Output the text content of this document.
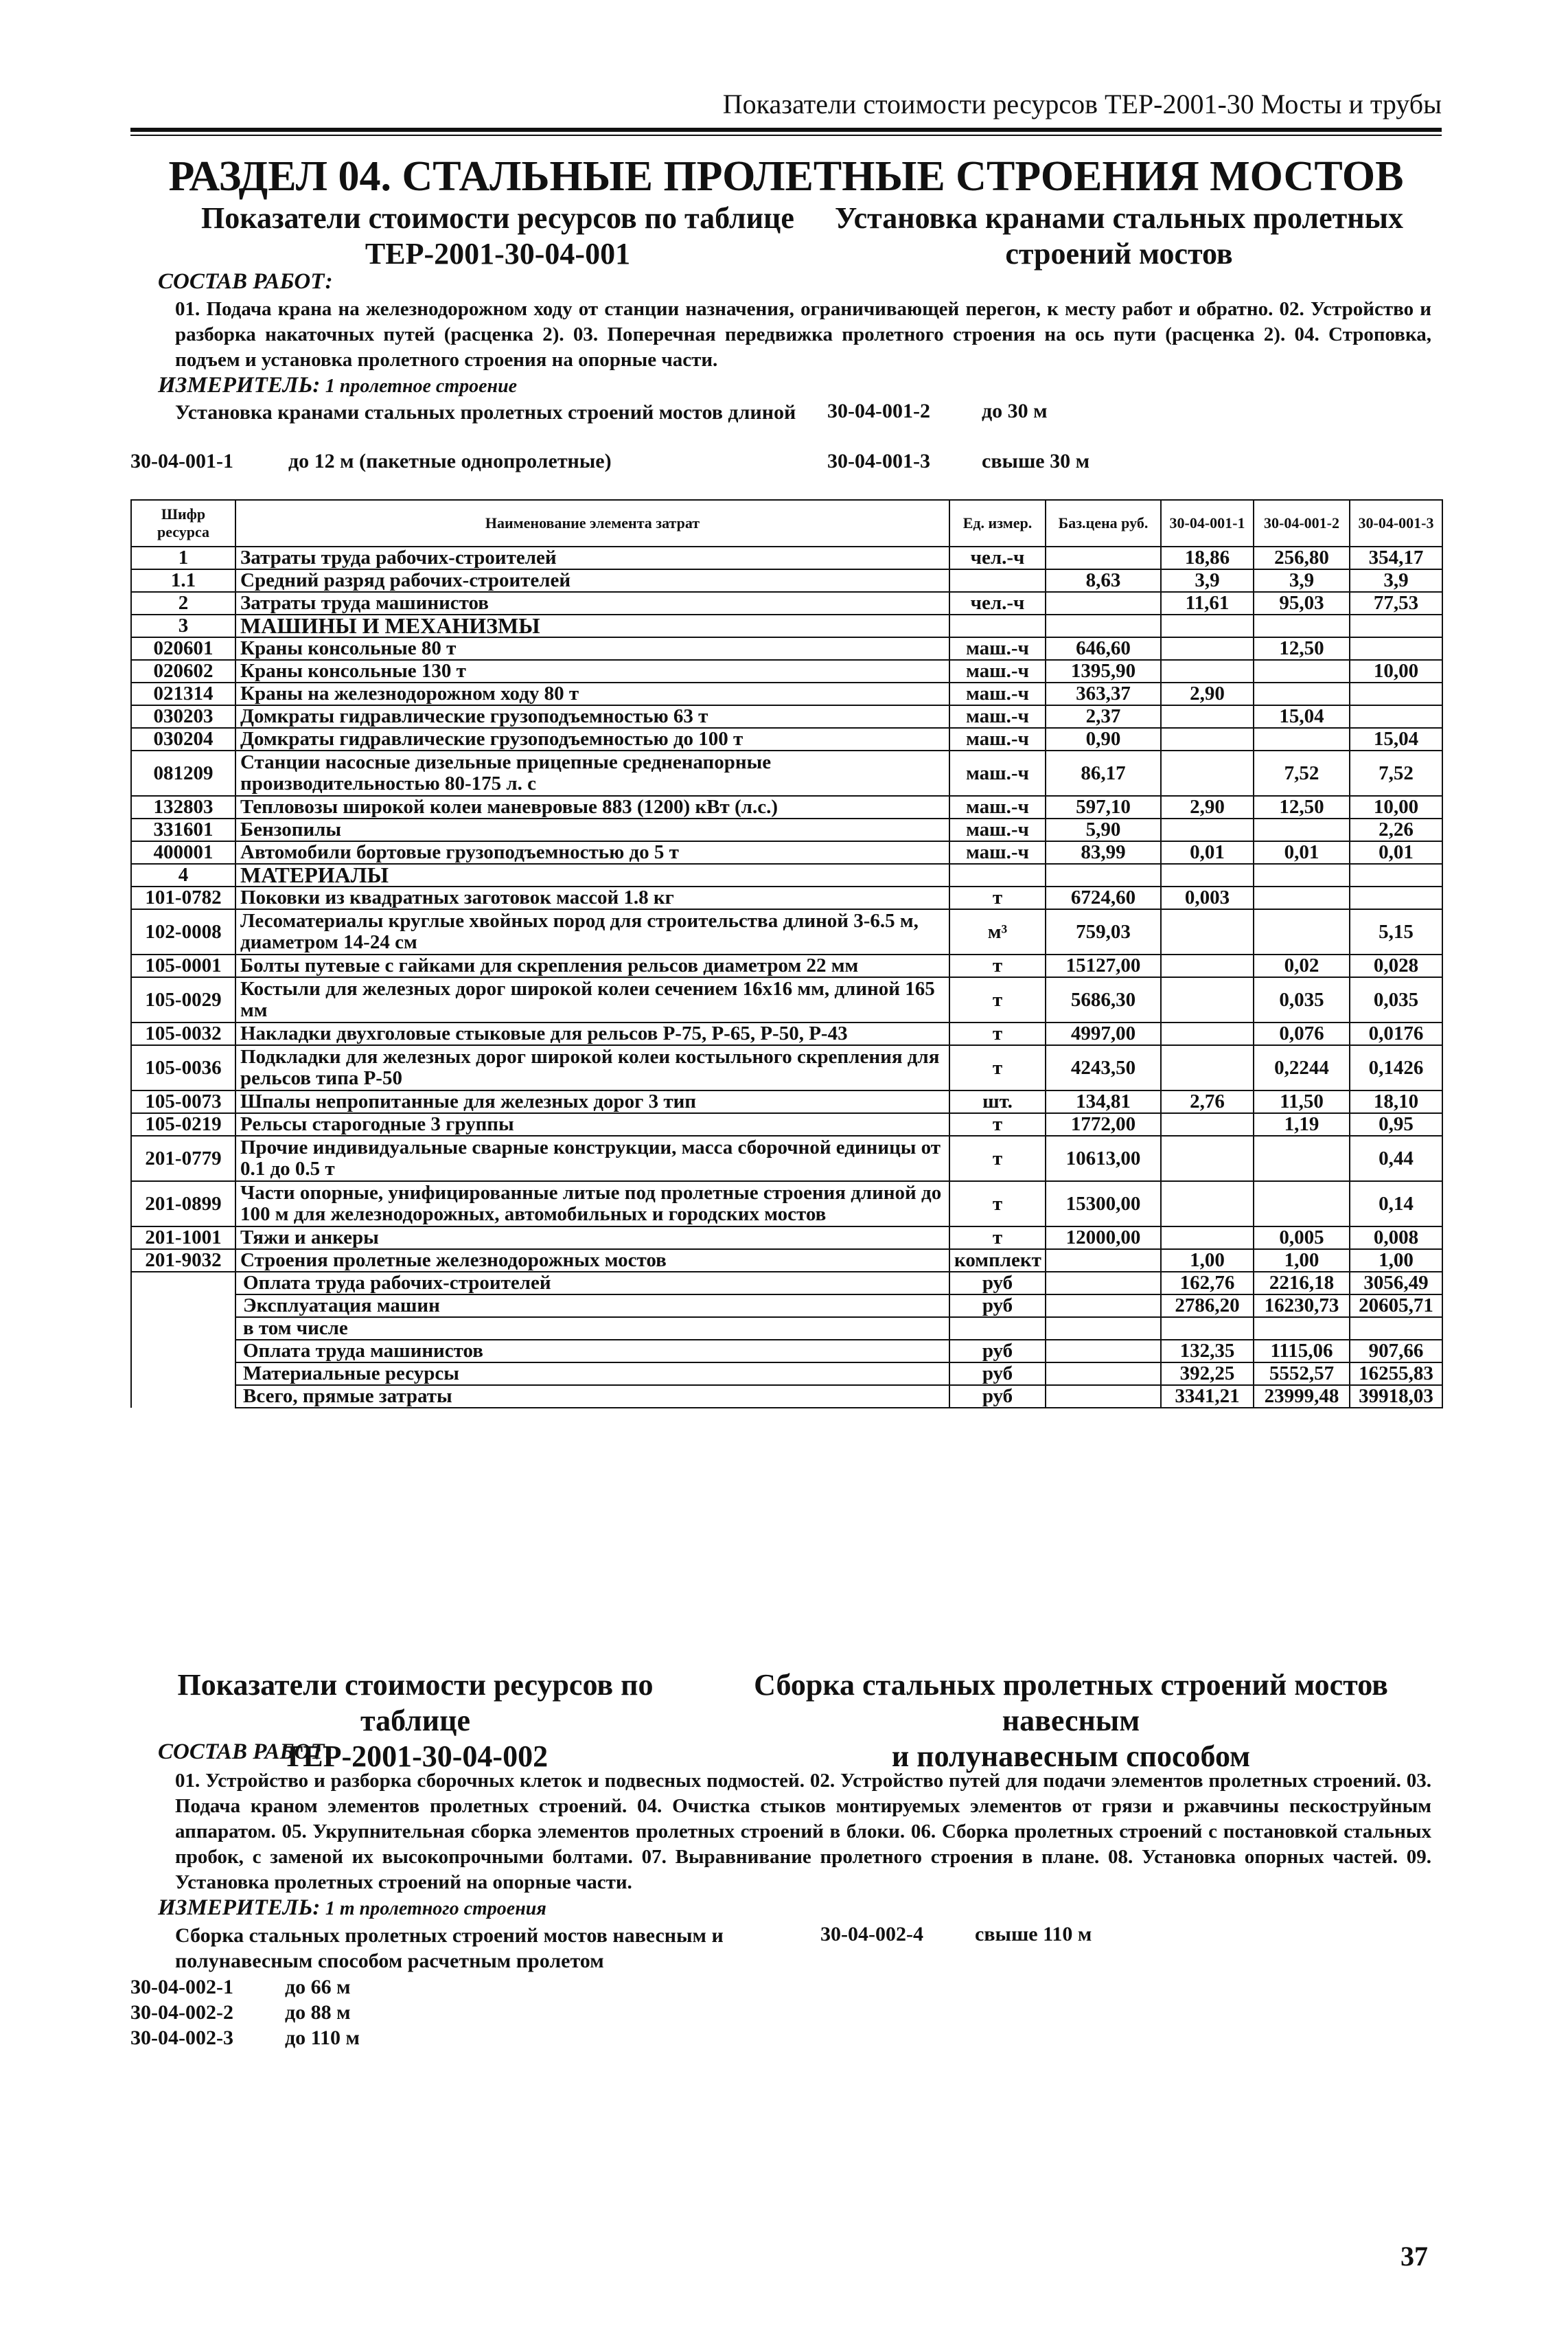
Показатели стоимости ресурсов ТЕР-2001-30 Мосты и трубы
РАЗДЕЛ 04. СТАЛЬНЫЕ ПРОЛЕТНЫЕ СТРОЕНИЯ МОСТОВ
Показатели стоимости ресурсов по таблице
ТЕР-2001-30-04-001
Установка кранами стальных пролетных
строений мостов
СОСТАВ РАБОТ:
01. Подача крана на железнодорожном ходу от станции назначения, ограничивающей перегон, к месту работ и обратно. 02. Устройство и разборка накаточных путей (расценка 2). 03. Поперечная передвижка пролетного строения на ось пути (расценка 2). 04. Строповка, подъем и установка пролетного строения на опорные части.
ИЗМЕРИТЕЛЬ: 1 пролетное строение
Установка кранами стальных пролетных строений мостов длиной	30-04-001-2	до 30 м
30-04-001-1	до 12 м (пакетные однопролетные)	30-04-001-3	свыше 30 м
Шифр ресурса	Наименование элемента затрат	Ед. измер.	Баз.цена руб.	30-04-001-1	30-04-001-2	30-04-001-3
1	Затраты труда рабочих-строителей	чел.-ч		18,86	256,80	354,17
1.1	Средний разряд рабочих-строителей		8,63	3,9	3,9	3,9
2	Затраты труда машинистов	чел.-ч		11,61	95,03	77,53
3	МАШИНЫ И МЕХАНИЗМЫ					
020601	Краны консольные 80 т	маш.-ч	646,60		12,50	
020602	Краны консольные 130 т	маш.-ч	1395,90			10,00
021314	Краны на железнодорожном ходу 80 т	маш.-ч	363,37	2,90		
030203	Домкраты гидравлические грузоподъемностью 63 т	маш.-ч	2,37		15,04	
030204	Домкраты гидравлические грузоподъемностью до 100 т	маш.-ч	0,90			15,04
081209	Станции насосные дизельные прицепные средненапорные производительностью 80-175 л. с	маш.-ч	86,17		7,52	7,52
132803	Тепловозы широкой колеи маневровые 883 (1200) кВт (л.с.)	маш.-ч	597,10	2,90	12,50	10,00
331601	Бензопилы	маш.-ч	5,90			2,26
400001	Автомобили бортовые грузоподъемностью до 5 т	маш.-ч	83,99	0,01	0,01	0,01
4	МАТЕРИАЛЫ					
101-0782	Поковки из квадратных заготовок массой 1.8 кг	т	6724,60	0,003		
102-0008	Лесоматериалы круглые хвойных пород для строительства длиной 3-6.5 м, диаметром 14-24 см	м³	759,03			5,15
105-0001	Болты путевые с гайками для скрепления рельсов диаметром 22 мм	т	15127,00		0,02	0,028
105-0029	Костыли для железных дорог широкой колеи сечением 16х16 мм, длиной 165 мм	т	5686,30		0,035	0,035
105-0032	Накладки двухголовые стыковые для рельсов Р-75, Р-65, Р-50, Р-43	т	4997,00		0,076	0,0176
105-0036	Подкладки для железных дорог широкой колеи костыльного скрепления для рельсов типа Р-50	т	4243,50		0,2244	0,1426
105-0073	Шпалы непропитанные для железных дорог 3 тип	шт.	134,81	2,76	11,50	18,10
105-0219	Рельсы старогодные 3 группы	т	1772,00		1,19	0,95
201-0779	Прочие индивидуальные сварные конструкции, масса сборочной единицы от 0.1 до 0.5 т	т	10613,00			0,44
201-0899	Части опорные, унифицированные литые под пролетные строения длиной до 100 м для железнодорожных, автомобильных и городских мостов	т	15300,00			0,14
201-1001	Тяжи и анкеры	т	12000,00		0,005	0,008
201-9032	Строения пролетные железнодорожных мостов	комплект		1,00	1,00	1,00
	Оплата труда рабочих-строителей	руб		162,76	2216,18	3056,49
	Эксплуатация машин	руб		2786,20	16230,73	20605,71
	в том числе					
	Оплата труда машинистов	руб		132,35	1115,06	907,66
	Материальные ресурсы	руб		392,25	5552,57	16255,83
	Всего, прямые затраты	руб		3341,21	23999,48	39918,03
Показатели стоимости ресурсов по таблице
ТЕР-2001-30-04-002
Сборка стальных пролетных строений мостов навесным
и полунавесным способом
СОСТАВ РАБОТ:
01. Устройство и разборка сборочных клеток и подвесных подмостей. 02. Устройство путей для подачи элементов пролетных строений. 03. Подача краном элементов пролетных строений. 04. Очистка стыков монтируемых элементов от грязи и ржавчины пескоструйным аппаратом. 05. Укрупнительная сборка элементов пролетных строений в блоки. 06. Сборка пролетных строений с постановкой стальных пробок, с заменой их высокопрочными болтами. 07. Выравнивание пролетного строения в плане. 08. Установка опорных частей. 09. Установка пролетных строений на опорные части.
ИЗМЕРИТЕЛЬ: 1 т пролетного строения
Сборка стальных пролетных строений мостов навесным и полунавесным способом расчетным пролетом
30-04-002-4	свыше 110 м
30-04-002-1	до 66 м
30-04-002-2	до 88 м
30-04-002-3	до 110 м
37
